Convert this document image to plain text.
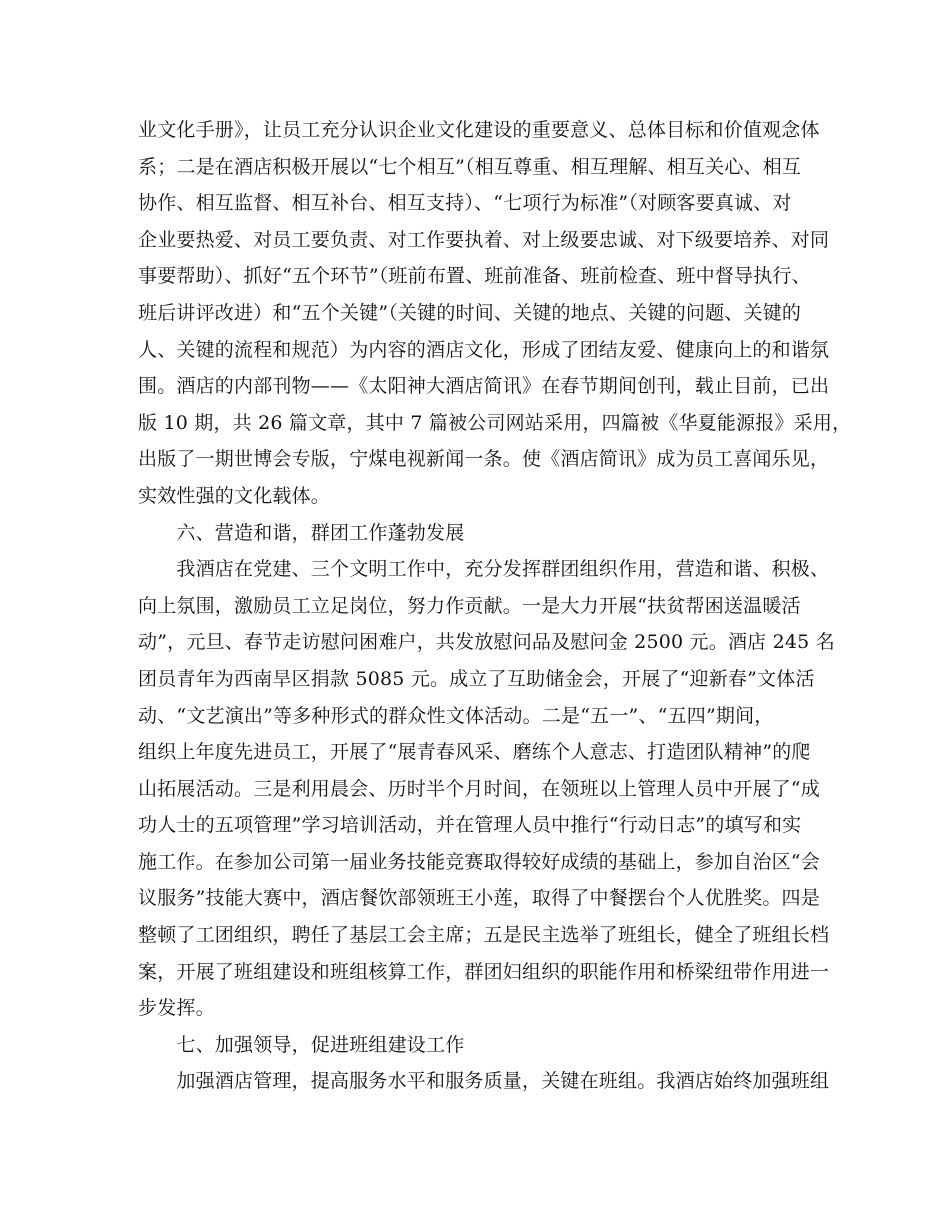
业文化手册》，让员工充分认识企业文化建设的重要意义、总体目标和价值观念体
系；二是在酒店积极开展以“七个相互”（相互尊重、相互理解、相互关心、相互
协作、相互监督、相互补台、相互支持）、“七项行为标准”（对顾客要真诚、对
企业要热爱、对员工要负责、对工作要执着、对上级要忠诚、对下级要培养、对同
事要帮助）、抓好“五个环节”（班前布置、班前准备、班前检查、班中督导执行、
班后讲评改进）和“五个关键”（关键的时间、关键的地点、关键的问题、关键的
人、关键的流程和规范）为内容的酒店文化，形成了团结友爱、健康向上的和谐氛
围。酒店的内部刊物——《太阳神大酒店简讯》在春节期间创刊，载止目前，已出
版 10 期，共 26 篇文章，其中 7 篇被公司网站采用，四篇被《华夏能源报》采用，
出版了一期世博会专版，宁煤电视新闻一条。使《酒店简讯》成为员工喜闻乐见，
实效性强的文化载体。
　　六、营造和谐，群团工作蓬勃发展
　　我酒店在党建、三个文明工作中，充分发挥群团组织作用，营造和谐、积极、
向上氛围，激励员工立足岗位，努力作贡献。一是大力开展“扶贫帮困送温暖活
动”，元旦、春节走访慰问困难户，共发放慰问品及慰问金 2500 元。酒店 245 名
团员青年为西南旱区捐款 5085 元。成立了互助储金会，开展了“迎新春”文体活
动、“文艺演出”等多种形式的群众性文体活动。二是“五一”、“五四”期间，
组织上年度先进员工，开展了“展青春风采、磨练个人意志、打造团队精神”的爬
山拓展活动。三是利用晨会、历时半个月时间，在领班以上管理人员中开展了“成
功人士的五项管理”学习培训活动，并在管理人员中推行“行动日志”的填写和实
施工作。在参加公司第一届业务技能竞赛取得较好成绩的基础上，参加自治区“会
议服务”技能大赛中，酒店餐饮部领班王小莲，取得了中餐摆台个人优胜奖。四是
整顿了工团组织，聘任了基层工会主席；五是民主选举了班组长，健全了班组长档
案，开展了班组建设和班组核算工作，群团妇组织的职能作用和桥梁纽带作用进一
步发挥。
　　七、加强领导，促进班组建设工作
　　加强酒店管理，提高服务水平和服务质量，关键在班组。我酒店始终加强班组
